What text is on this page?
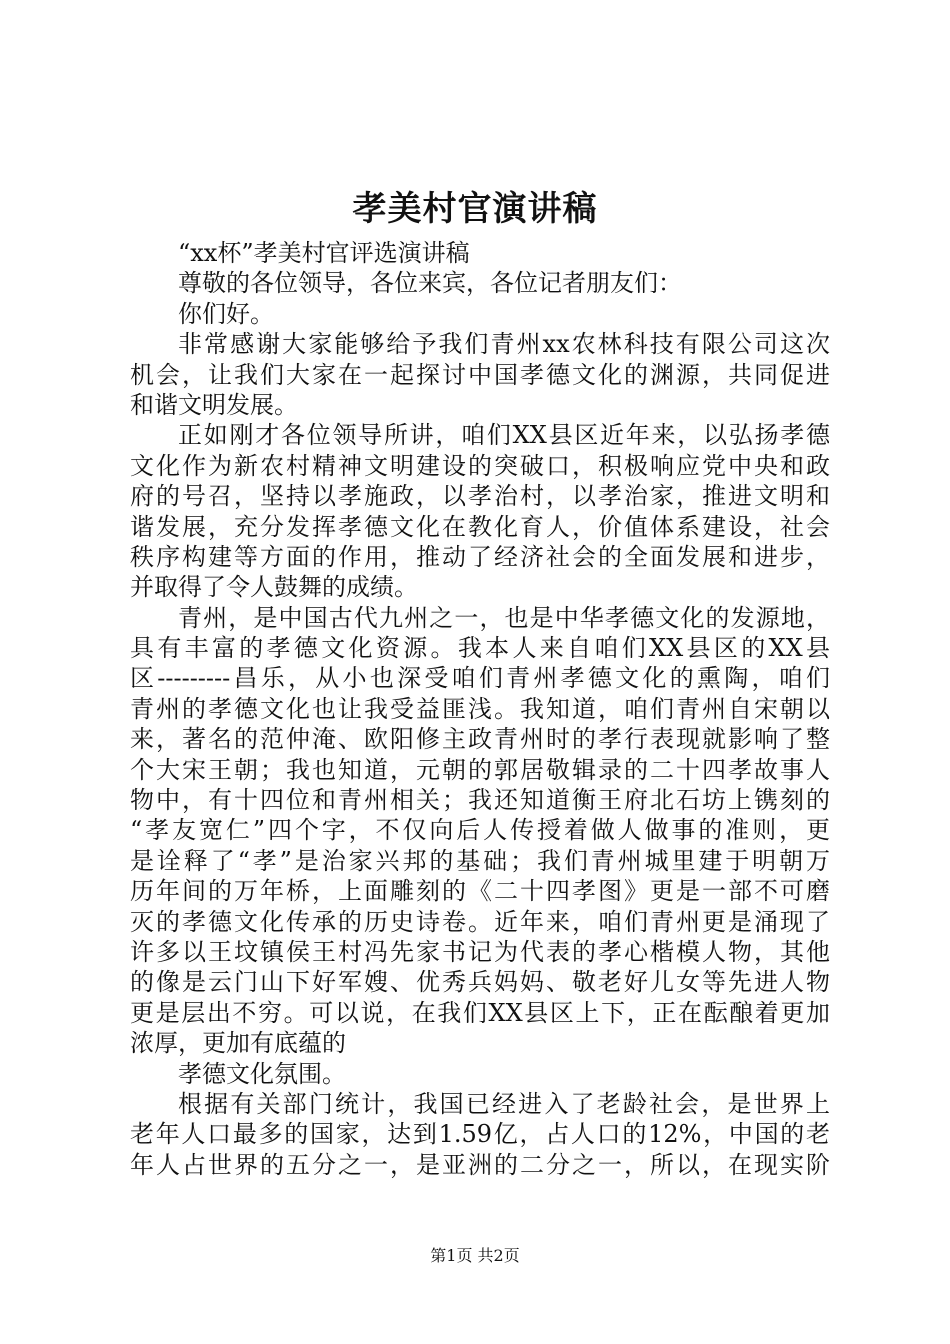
孝美村官演讲稿
“xx杯”孝美村官评选演讲稿
尊敬的各位领导，各位来宾，各位记者朋友们：
你们好。
非常感谢大家能够给予我们青州xx农林科技有限公司这次
机会，让我们大家在一起探讨中国孝德文化的渊源，共同促进
和谐文明发展。
正如刚才各位领导所讲，咱们XX县区近年来，以弘扬孝德
文化作为新农村精神文明建设的突破口，积极响应党中央和政
府的号召，坚持以孝施政，以孝治村，以孝治家，推进文明和
谐发展，充分发挥孝德文化在教化育人，价值体系建设，社会
秩序构建等方面的作用，推动了经济社会的全面发展和进步，
并取得了令人鼓舞的成绩。
青州，是中国古代九州之一，也是中华孝德文化的发源地，
具有丰富的孝德文化资源。我本人来自咱们XX县区的XX县
区---------昌乐，从小也深受咱们青州孝德文化的熏陶，咱们
青州的孝德文化也让我受益匪浅。我知道，咱们青州自宋朝以
来，著名的范仲淹、欧阳修主政青州时的孝行表现就影响了整
个大宋王朝；我也知道，元朝的郭居敬辑录的二十四孝故事人
物中，有十四位和青州相关；我还知道衡王府北石坊上镌刻的
“孝友宽仁”四个字，不仅向后人传授着做人做事的准则，更
是诠释了“孝”是治家兴邦的基础；我们青州城里建于明朝万
历年间的万年桥，上面雕刻的《二十四孝图》更是一部不可磨
灭的孝德文化传承的历史诗卷。近年来，咱们青州更是涌现了
许多以王坟镇侯王村冯先家书记为代表的孝心楷模人物，其他
的像是云门山下好军嫂、优秀兵妈妈、敬老好儿女等先进人物
更是层出不穷。可以说，在我们XX县区上下，正在酝酿着更加
浓厚，更加有底蕴的
孝德文化氛围。
根据有关部门统计，我国已经进入了老龄社会，是世界上
老年人口最多的国家，达到1.59亿，占人口的12%，中国的老
年人占世界的五分之一，是亚洲的二分之一，所以，在现实阶
第1页 共2页
